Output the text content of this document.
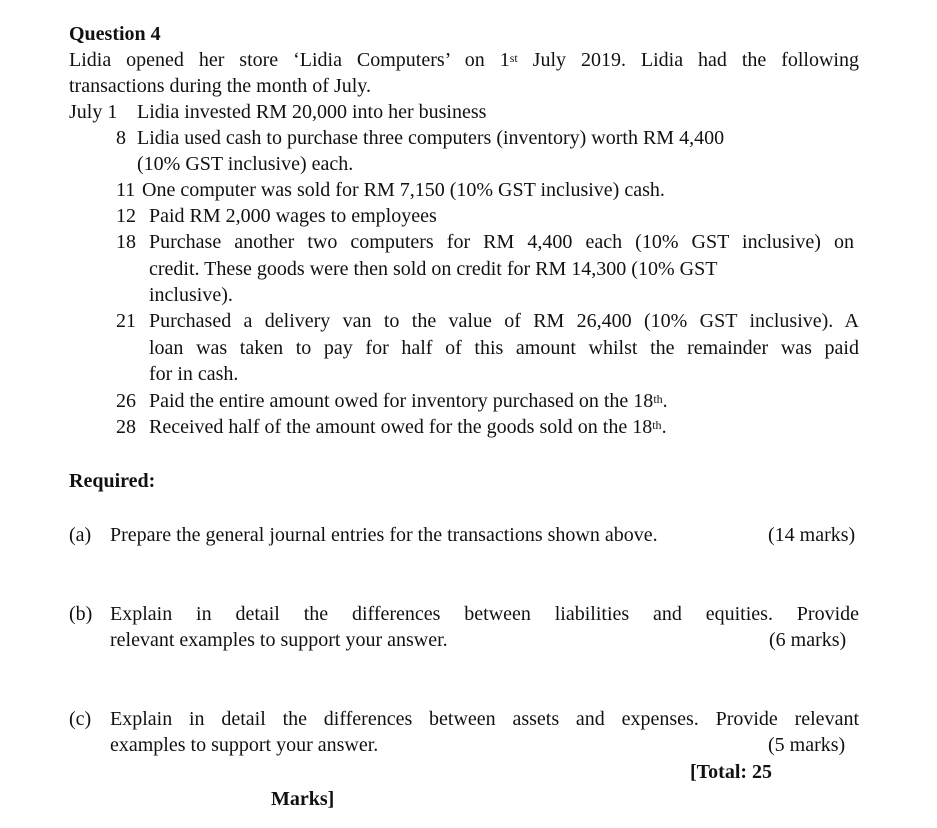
Question 4
Lidia opened her store ‘Lidia Computers’ on 1st July 2019. Lidia had the following
transactions during the month of July.
July 1 Lidia invested RM 20,000 into her business
8 Lidia used cash to purchase three computers (inventory) worth RM 4,400
(10% GST inclusive) each.
11 One computer was sold for RM 7,150 (10% GST inclusive) cash.
12 Paid RM 2,000 wages to employees
18 Purchase another two computers for RM 4,400 each (10% GST inclusive) on
credit. These goods were then sold on credit for RM 14,300 (10% GST
inclusive).
21 Purchased a delivery van to the value of RM 26,400 (10% GST inclusive). A
loan was taken to pay for half of this amount whilst the remainder was paid
for in cash.
26 Paid the entire amount owed for inventory purchased on the 18th.
28 Received half of the amount owed for the goods sold on the 18th.
Required:
(a) Prepare the general journal entries for the transactions shown above.	(14 marks)
(b) Explain in detail the differences between liabilities and equities. Provide
relevant examples to support your answer.	(6 marks)
(c) Explain in detail the differences between assets and expenses. Provide relevant
examples to support your answer.	(5 marks)
[Total: 25
Marks]
